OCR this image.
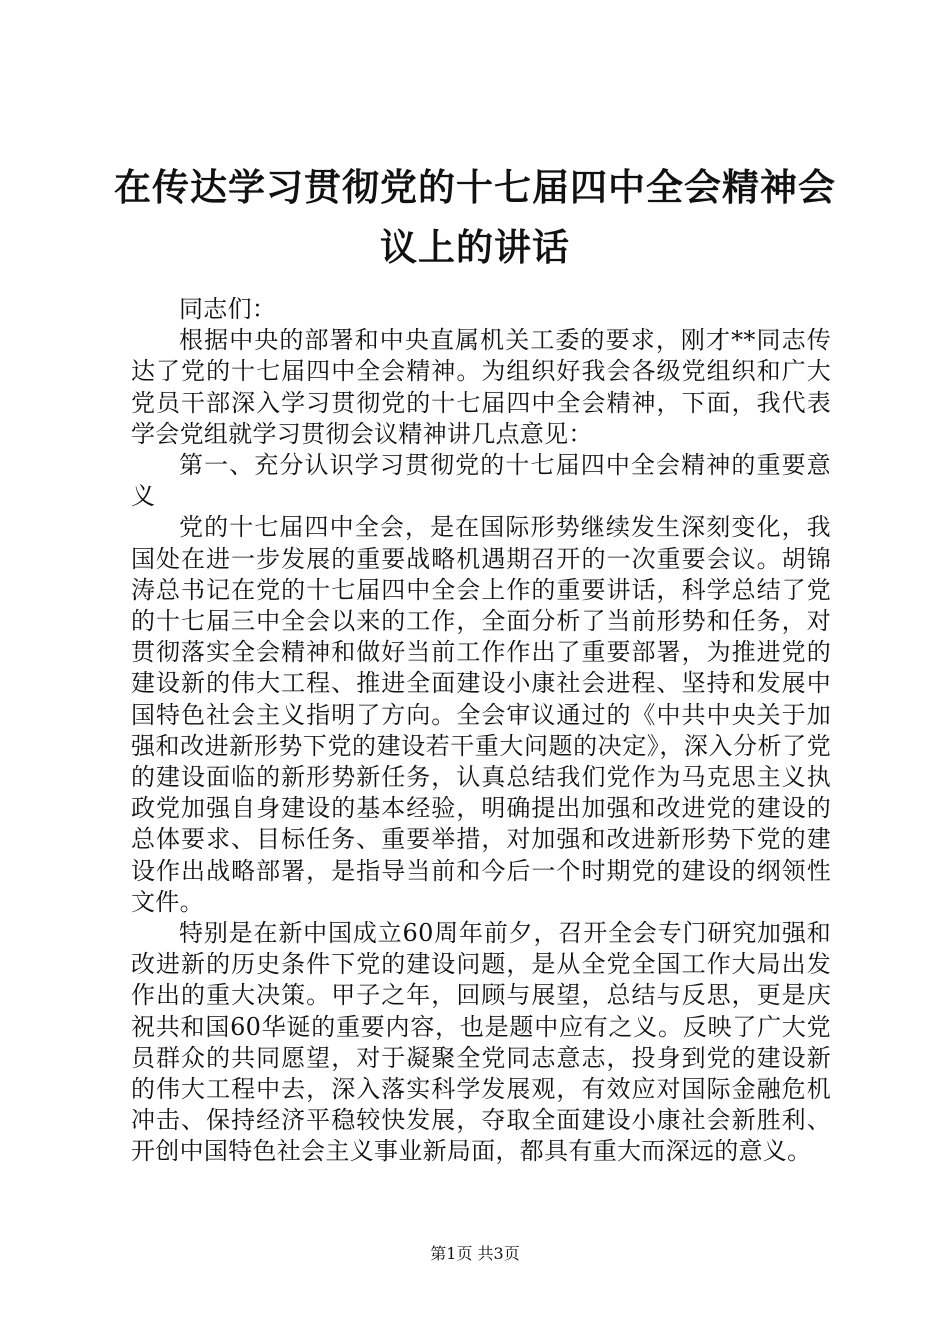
在传达学习贯彻党的十七届四中全会精神会议上的讲话

同志们：

根据中央的部署和中央直属机关工委的要求，刚才**同志传达了党的十七届四中全会精神。为组织好我会各级党组织和广大党员干部深入学习贯彻党的十七届四中全会精神，下面，我代表学会党组就学习贯彻会议精神讲几点意见：

第一、充分认识学习贯彻党的十七届四中全会精神的重要意义

党的十七届四中全会，是在国际形势继续发生深刻变化，我国处在进一步发展的重要战略机遇期召开的一次重要会议。胡锦涛总书记在党的十七届四中全会上作的重要讲话，科学总结了党的十七届三中全会以来的工作，全面分析了当前形势和任务，对贯彻落实全会精神和做好当前工作作出了重要部署，为推进党的建设新的伟大工程、推进全面建设小康社会进程、坚持和发展中国特色社会主义指明了方向。全会审议通过的《中共中央关于加强和改进新形势下党的建设若干重大问题的决定》，深入分析了党的建设面临的新形势新任务，认真总结我们党作为马克思主义执政党加强自身建设的基本经验，明确提出加强和改进党的建设的总体要求、目标任务、重要举措，对加强和改进新形势下党的建设作出战略部署，是指导当前和今后一个时期党的建设的纲领性文件。

特别是在新中国成立60周年前夕，召开全会专门研究加强和改进新的历史条件下党的建设问题，是从全党全国工作大局出发作出的重大决策。甲子之年，回顾与展望，总结与反思，更是庆祝共和国60华诞的重要内容，也是题中应有之义。反映了广大党员群众的共同愿望，对于凝聚全党同志意志，投身到党的建设新的伟大工程中去，深入落实科学发展观，有效应对国际金融危机冲击、保持经济平稳较快发展，夺取全面建设小康社会新胜利、开创中国特色社会主义事业新局面，都具有重大而深远的意义。

第1页 共3页
